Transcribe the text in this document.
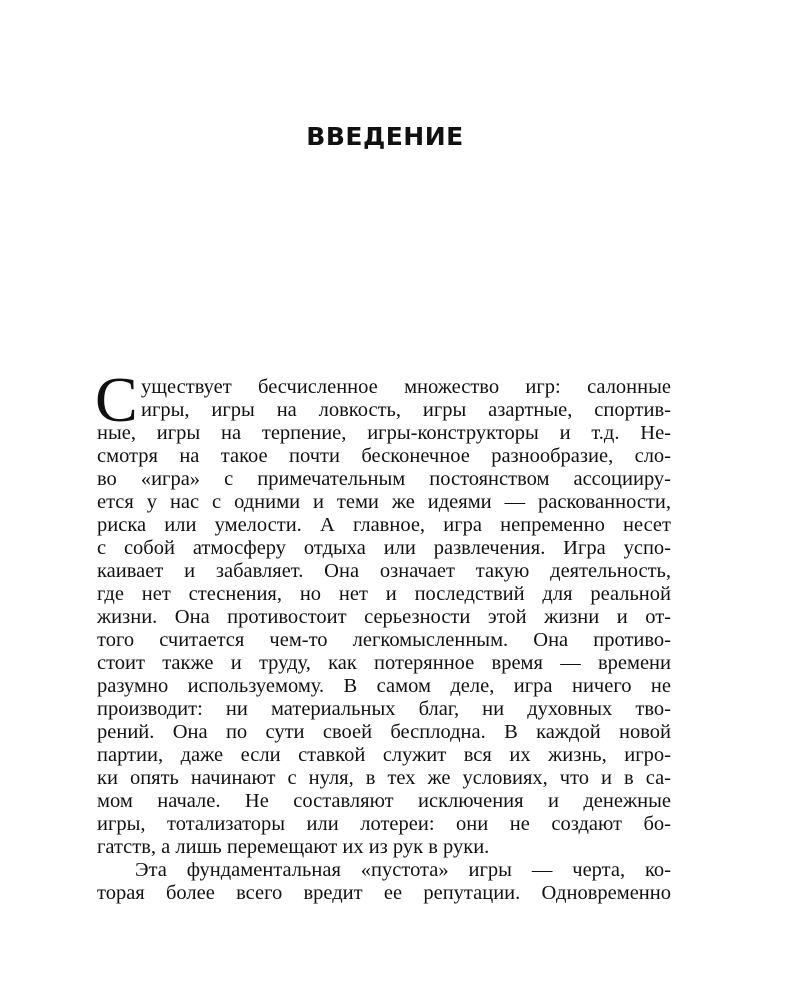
ВВЕДЕНИЕ
С уществует бесчисленное множество игр: салонные
игры, игры на ловкость, игры азартные, спортив-
ные, игры на терпение, игры-конструкторы и т.д. Не-
смотря на такое почти бесконечное разнообразие, сло-
во «игра» с примечательным постоянством ассоцииру-
ется у нас с одними и теми же идеями — раскованности,
риска или умелости. А главное, игра непременно несет
с собой атмосферу отдыха или развлечения. Игра успо-
каивает и забавляет. Она означает такую деятельность,
где нет стеснения, но нет и последствий для реальной
жизни. Она противостоит серьезности этой жизни и от-
того считается чем-то легкомысленным. Она противо-
стоит также и труду, как потерянное время — времени
разумно используемому. В самом деле, игра ничего не
производит: ни материальных благ, ни духовных тво-
рений. Она по сути своей бесплодна. В каждой новой
партии, даже если ставкой служит вся их жизнь, игро-
ки опять начинают с нуля, в тех же условиях, что и в са-
мом начале. Не составляют исключения и денежные
игры, тотализаторы или лотереи: они не создают бо-
гатств, а лишь перемещают их из рук в руки.
Эта фундаментальная «пустота» игры — черта, ко-
торая более всего вредит ее репутации. Одновременно
